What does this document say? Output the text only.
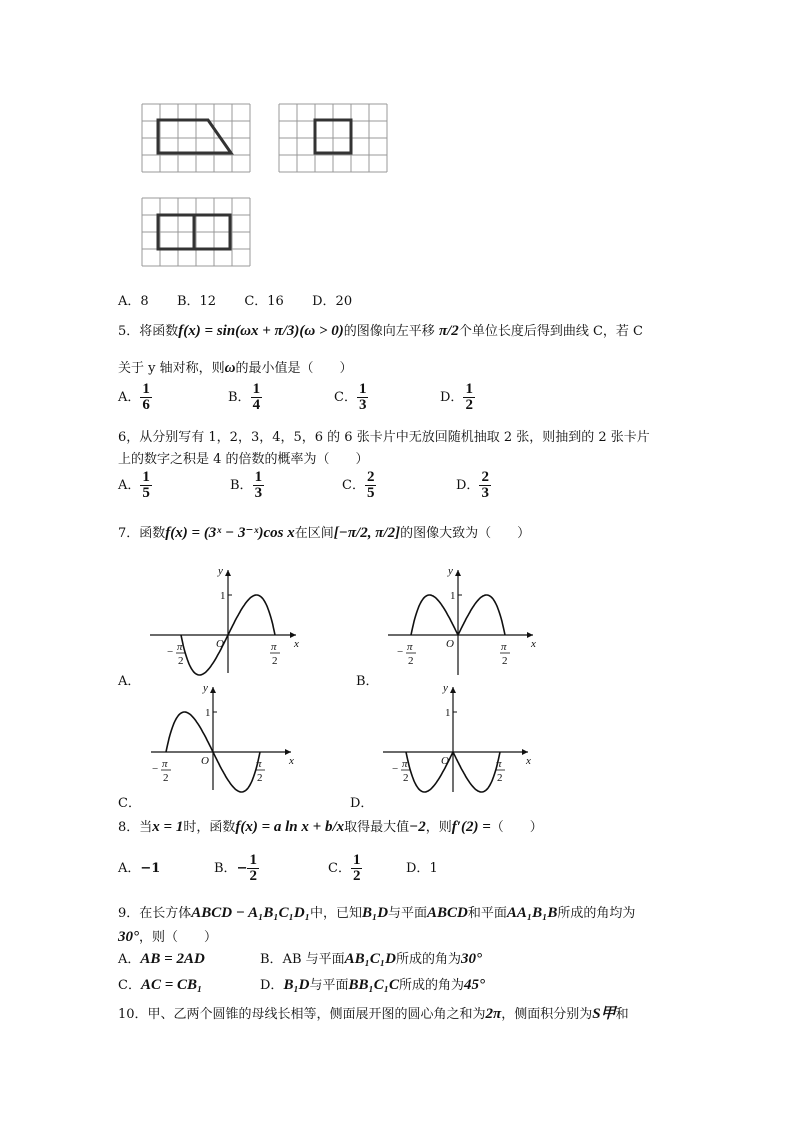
A．8 B．12 C．16 D．20
5．将函数f(x) = sin(ωx + π/3)(ω > 0)的图像向左平移 π/2个单位长度后得到曲线 C，若 C
关于 y 轴对称，则ω的最小值是（　　）
A． $\frac{1}{6}$	B． $\frac{1}{4}$	C． $\frac{1}{3}$	D． $\frac{1}{2}$
6，从分别写有 1，2，3，4，5，6 的 6 张卡片中无放回随机抽取 2 张，则抽到的 2 张卡片
上的数字之积是 4 的倍数的概率为（　　）
A． $\frac{1}{5}$	B． $\frac{1}{3}$	C． $\frac{2}{5}$	D． $\frac{2}{3}$
7．函数f(x) = (3ˣ − 3⁻ˣ)cos x在区间[−π/2, π/2]的图像大致为（　　）
1
y
x
O
− π
2
π
2
1
y
x
O
− π
2
π
2
1
y
x
O
− π
2
π
2
1
y
x
O
− π
2
π
2
A．	B．
C．	D．
8．当x = 1时，函数f(x) = a ln x + b/x取得最大值−2，则f′(2) =（　　）
A．−1	B．− $\frac{1}{2}$	C． $\frac{1}{2}$	D．1
9．在长方体ABCD − A₁B₁C₁D₁中，已知B₁D与平面ABCD和平面AA₁B₁B所成的角均为
30°，则（　　）
A．AB = 2AD	B．AB 与平面AB₁C₁D所成的角为30°
C．AC = CB₁	D．B₁D与平面BB₁C₁C所成的角为45°
10．甲、乙两个圆锥的母线长相等，侧面展开图的圆心角之和为2π，侧面积分别为S甲和
